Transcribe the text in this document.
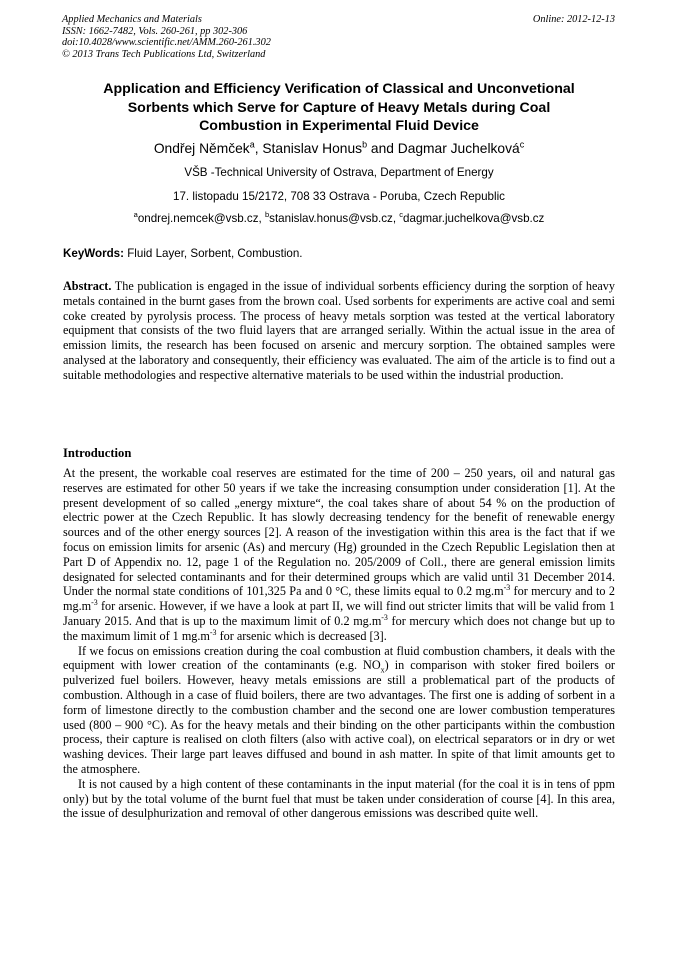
Applied Mechanics and Materials
ISSN: 1662-7482, Vols. 260-261, pp 302-306
doi:10.4028/www.scientific.net/AMM.260-261.302
© 2013 Trans Tech Publications Ltd, Switzerland
Online: 2012-12-13
Application and Efficiency Verification of Classical and Unconvetional
Sorbents which Serve for Capture of Heavy Metals during Coal
Combustion in Experimental Fluid Device
Ondřej Němček$^a$, Stanislav Honus$^b$ and Dagmar Juchelková$^c$
VŠB -Technical University of Ostrava, Department of Energy
17. listopadu 15/2172, 708 33 Ostrava - Poruba, Czech Republic
$^a$ondrej.nemcek@vsb.cz, $^b$stanislav.honus@vsb.cz, $^c$dagmar.juchelkova@vsb.cz
KeyWords: Fluid Layer, Sorbent, Combustion.
Abstract. The publication is engaged in the issue of individual sorbents efficiency during the sorption of heavy metals contained in the burnt gases from the brown coal. Used sorbents for experiments are active coal and semi coke created by pyrolysis process. The process of heavy metals sorption was tested at the vertical laboratory equipment that consists of the two fluid layers that are arranged serially. Within the actual issue in the area of emission limits, the research has been focused on arsenic and mercury sorption. The obtained samples were analysed at the laboratory and consequently, their efficiency was evaluated. The aim of the article is to find out a suitable methodologies and respective alternative materials to be used within the industrial production.
Introduction

At the present, the workable coal reserves are estimated for the time of 200 – 250 years, oil and natural gas reserves are estimated for other 50 years if we take the increasing consumption under consideration [1]. At the present development of so called „energy mixture“, the coal takes share of about 54 % on the production of electric power at the Czech Republic. It has slowly decreasing tendency for the benefit of renewable energy sources and of the other energy sources [2]. A reason of the investigation within this area is the fact that if we focus on emission limits for arsenic (As) and mercury (Hg) grounded in the Czech Republic Legislation then at Part D of Appendix no. 12, page 1 of the Regulation no. 205/2009 of Coll., there are general emission limits designated for selected contaminants and for their determined groups which are valid until 31 December 2014. Under the normal state conditions of 101,325 Pa and 0 °C, these limits equal to 0.2 $mg.m^{-3}$ for mercury and to 2 $mg.m^{-3}$ for arsenic. However, if we have a look at part II, we will find out stricter limits that will be valid from 1 January 2015. And that is up to the maximum limit of 0.2 $mg.m^{-3}$ for mercury which does not change but up to the maximum limit of 1 $mg.m^{-3}$ for arsenic which is decreased [3].

If we focus on emissions creation during the coal combustion at fluid combustion chambers, it deals with the equipment with lower creation of the contaminants (e.g. $NO_x$) in comparison with stoker fired boilers or pulverized fuel boilers. However, heavy metals emissions are still a problematical part of the products of combustion. Although in a case of fluid boilers, there are two advantages. The first one is adding of sorbent in a form of limestone directly to the combustion chamber and the second one are lower combustion temperatures used (800 – 900 °C). As for the heavy metals and their binding on the other participants within the combustion process, their capture is realised on cloth filters (also with active coal), on electrical separators or in dry or wet washing devices. Their large part leaves diffused and bound in ash matter. In spite of that limit amounts get to the atmosphere.

It is not caused by a high content of these contaminants in the input material (for the coal it is in tens of ppm only) but by the total volume of the burnt fuel that must be taken under consideration of course [4]. In this area, the issue of desulphurization and removal of other dangerous emissions was described quite well.
